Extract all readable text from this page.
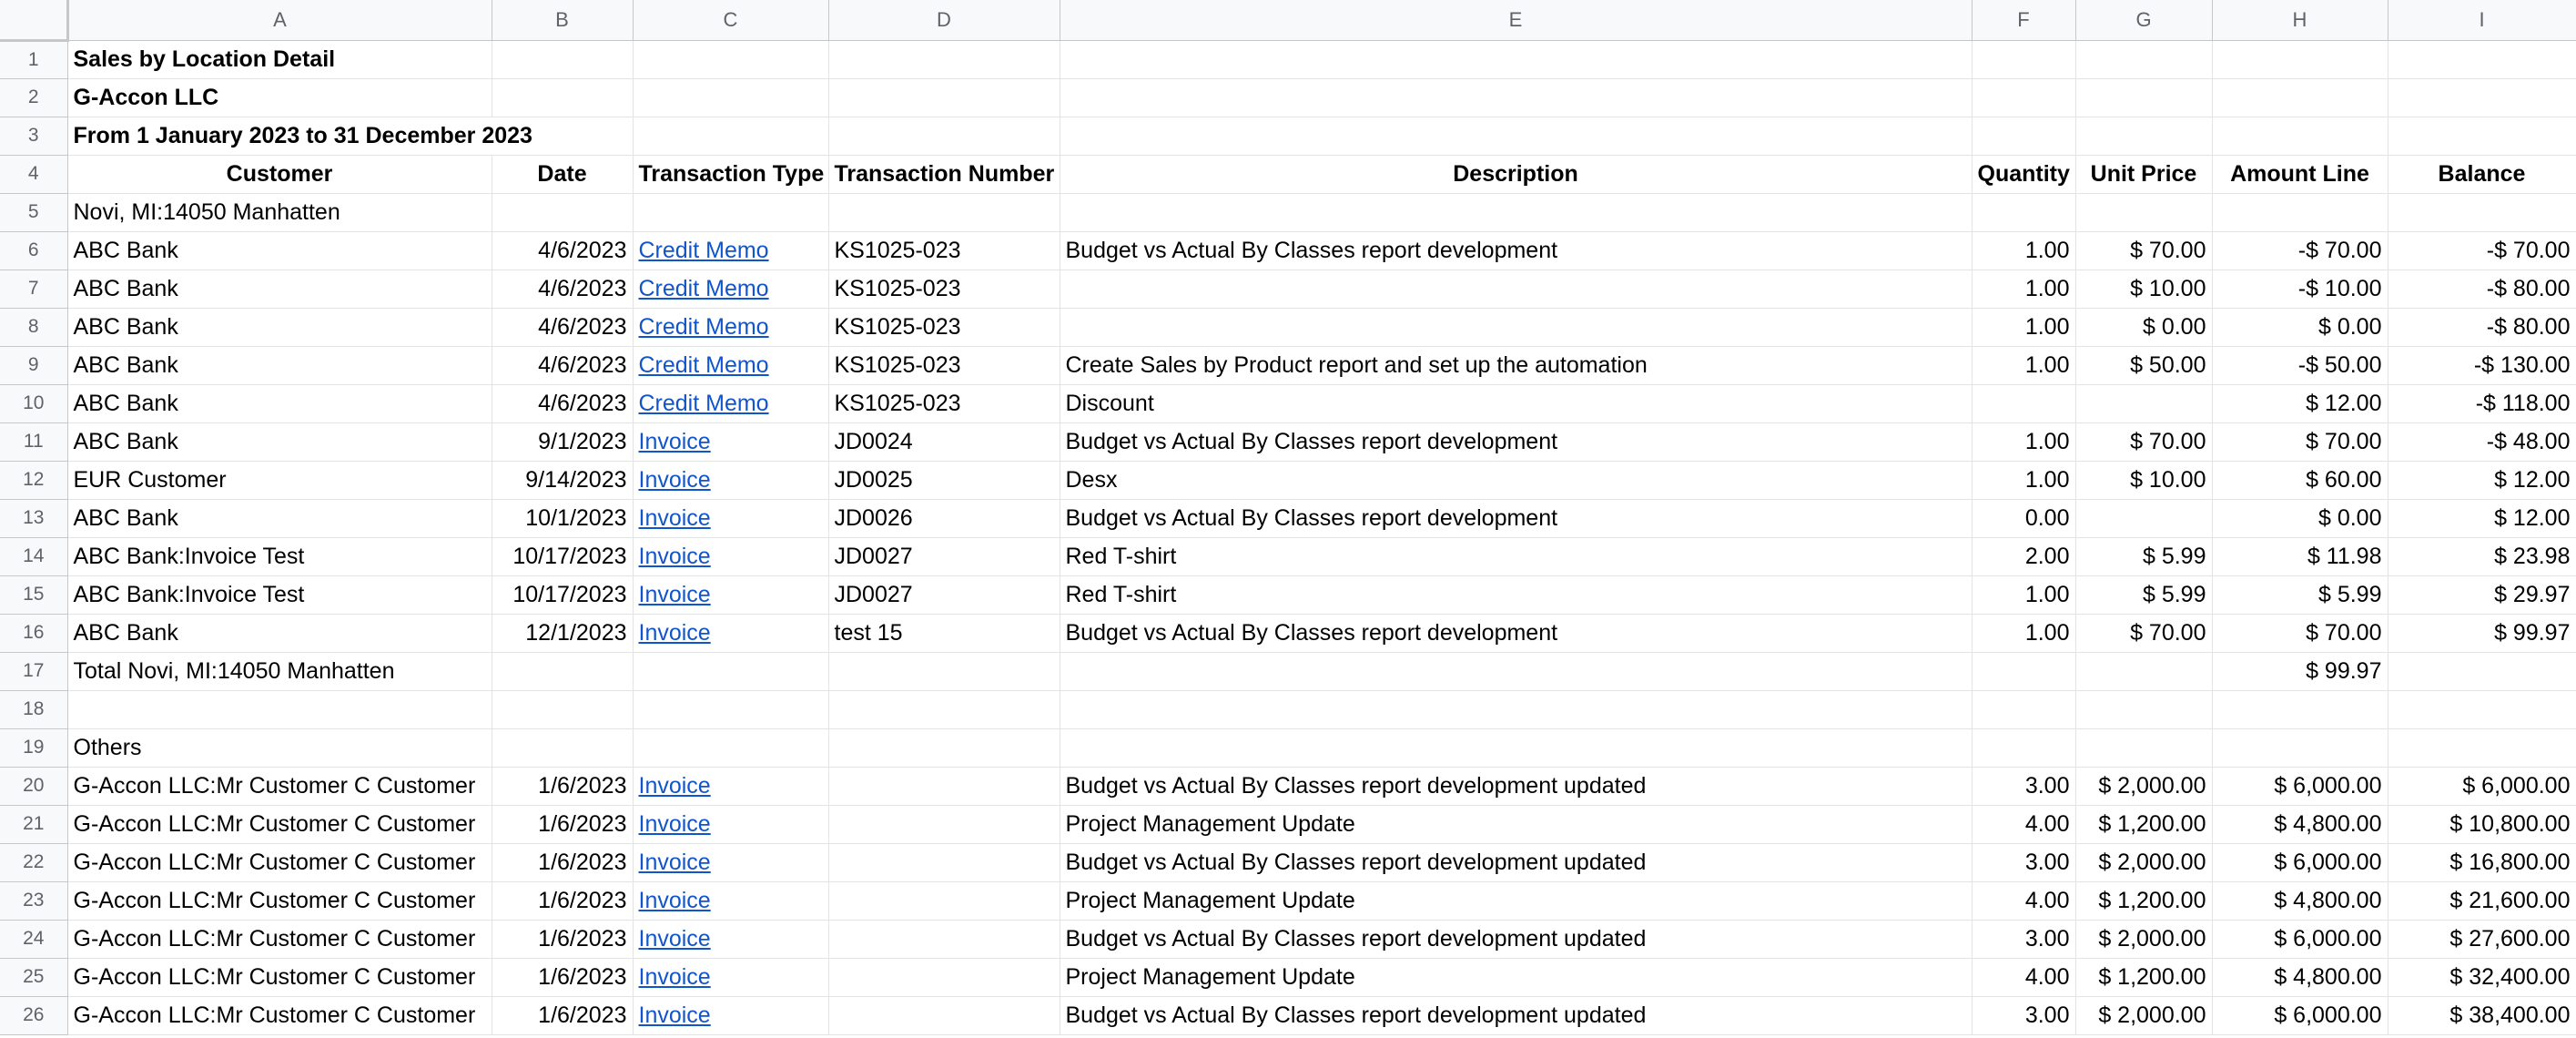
	A	B	C	D	E	F	G	H	I
1	Sales by Location Detail								
2	G-Accon LLC								
3	From 1 January 2023 to 31 December 2023								
4	Customer	Date	Transaction Type	Transaction Number	Description	Quantity	Unit Price	Amount Line	Balance
5	Novi, MI:14050 Manhatten								
6	ABC Bank	4/6/2023	Credit Memo	KS1025-023	Budget vs Actual By Classes report development	1.00	$ 70.00	-$ 70.00	-$ 70.00
7	ABC Bank	4/6/2023	Credit Memo	KS1025-023		1.00	$ 10.00	-$ 10.00	-$ 80.00
8	ABC Bank	4/6/2023	Credit Memo	KS1025-023		1.00	$ 0.00	$ 0.00	-$ 80.00
9	ABC Bank	4/6/2023	Credit Memo	KS1025-023	Create Sales by Product report and set up the automation	1.00	$ 50.00	-$ 50.00	-$ 130.00
10	ABC Bank	4/6/2023	Credit Memo	KS1025-023	Discount			$ 12.00	-$ 118.00
11	ABC Bank	9/1/2023	Invoice	JD0024	Budget vs Actual By Classes report development	1.00	$ 70.00	$ 70.00	-$ 48.00
12	EUR Customer	9/14/2023	Invoice	JD0025	Desx	1.00	$ 10.00	$ 60.00	$ 12.00
13	ABC Bank	10/1/2023	Invoice	JD0026	Budget vs Actual By Classes report development	0.00		$ 0.00	$ 12.00
14	ABC Bank:Invoice Test	10/17/2023	Invoice	JD0027	Red T-shirt	2.00	$ 5.99	$ 11.98	$ 23.98
15	ABC Bank:Invoice Test	10/17/2023	Invoice	JD0027	Red T-shirt	1.00	$ 5.99	$ 5.99	$ 29.97
16	ABC Bank	12/1/2023	Invoice	test 15	Budget vs Actual By Classes report development	1.00	$ 70.00	$ 70.00	$ 99.97
17	Total Novi, MI:14050 Manhatten							$ 99.97	
18									
19	Others								
20	G-Accon LLC:Mr Customer C Customer	1/6/2023	Invoice		Budget vs Actual By Classes report development updated	3.00	$ 2,000.00	$ 6,000.00	$ 6,000.00
21	G-Accon LLC:Mr Customer C Customer	1/6/2023	Invoice		Project Management Update	4.00	$ 1,200.00	$ 4,800.00	$ 10,800.00
22	G-Accon LLC:Mr Customer C Customer	1/6/2023	Invoice		Budget vs Actual By Classes report development updated	3.00	$ 2,000.00	$ 6,000.00	$ 16,800.00
23	G-Accon LLC:Mr Customer C Customer	1/6/2023	Invoice		Project Management Update	4.00	$ 1,200.00	$ 4,800.00	$ 21,600.00
24	G-Accon LLC:Mr Customer C Customer	1/6/2023	Invoice		Budget vs Actual By Classes report development updated	3.00	$ 2,000.00	$ 6,000.00	$ 27,600.00
25	G-Accon LLC:Mr Customer C Customer	1/6/2023	Invoice		Project Management Update	4.00	$ 1,200.00	$ 4,800.00	$ 32,400.00
26	G-Accon LLC:Mr Customer C Customer	1/6/2023	Invoice		Budget vs Actual By Classes report development updated	3.00	$ 2,000.00	$ 6,000.00	$ 38,400.00
